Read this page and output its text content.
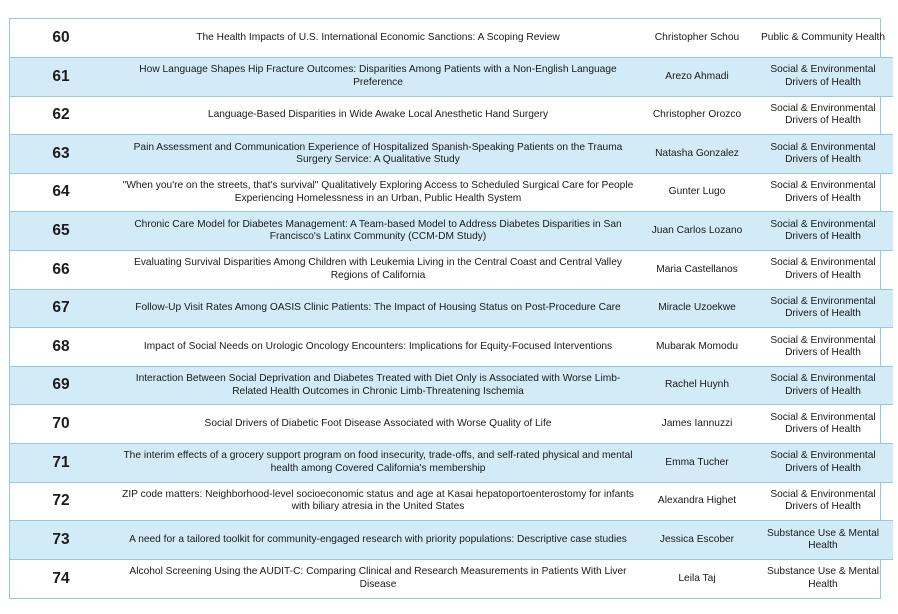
60	The Health Impacts of U.S. International Economic Sanctions: A Scoping Review	Christopher Schou	Public & Community Health
61	How Language Shapes Hip Fracture Outcomes: Disparities Among Patients with a Non-English Language Preference	Arezo Ahmadi	Social & Environmental Drivers of Health
62	Language-Based Disparities in Wide Awake Local Anesthetic Hand Surgery	Christopher Orozco	Social & Environmental Drivers of Health
63	Pain Assessment and Communication Experience of Hospitalized Spanish-Speaking Patients on the Trauma Surgery Service: A Qualitative Study	Natasha Gonzalez	Social & Environmental Drivers of Health
64	"When you're on the streets, that's survival" Qualitatively Exploring Access to Scheduled Surgical Care for People Experiencing Homelessness in an Urban, Public Health System	Gunter Lugo	Social & Environmental Drivers of Health
65	Chronic Care Model for Diabetes Management: A Team-based Model to Address Diabetes Disparities in San Francisco's Latinx Community (CCM-DM Study)	Juan Carlos Lozano	Social & Environmental Drivers of Health
66	Evaluating Survival Disparities Among Children with Leukemia Living in the Central Coast and Central Valley Regions of California	Maria Castellanos	Social & Environmental Drivers of Health
67	Follow-Up Visit Rates Among OASIS Clinic Patients: The Impact of Housing Status on Post-Procedure Care	Miracle Uzoekwe	Social & Environmental Drivers of Health
68	Impact of Social Needs on Urologic Oncology Encounters: Implications for Equity-Focused Interventions	Mubarak Momodu	Social & Environmental Drivers of Health
69	Interaction Between Social Deprivation and Diabetes Treated with Diet Only is Associated with Worse Limb-Related Health Outcomes in Chronic Limb-Threatening Ischemia	Rachel Huynh	Social & Environmental Drivers of Health
70	Social Drivers of Diabetic Foot Disease Associated with Worse Quality of Life	James Iannuzzi	Social & Environmental Drivers of Health
71	The interim effects of a grocery support program on food insecurity, trade-offs, and self-rated physical and mental health among Covered California's membership	Emma Tucher	Social & Environmental Drivers of Health
72	ZIP code matters: Neighborhood-level socioeconomic status and age at Kasai hepatoportoenterostomy for infants with biliary atresia in the United States	Alexandra Highet	Social & Environmental Drivers of Health
73	A need for a tailored toolkit for community-engaged research with priority populations: Descriptive case studies	Jessica Escober	Substance Use & Mental Health
74	Alcohol Screening Using the AUDIT-C: Comparing Clinical and Research Measurements in Patients With Liver Disease	Leila Taj	Substance Use & Mental Health
